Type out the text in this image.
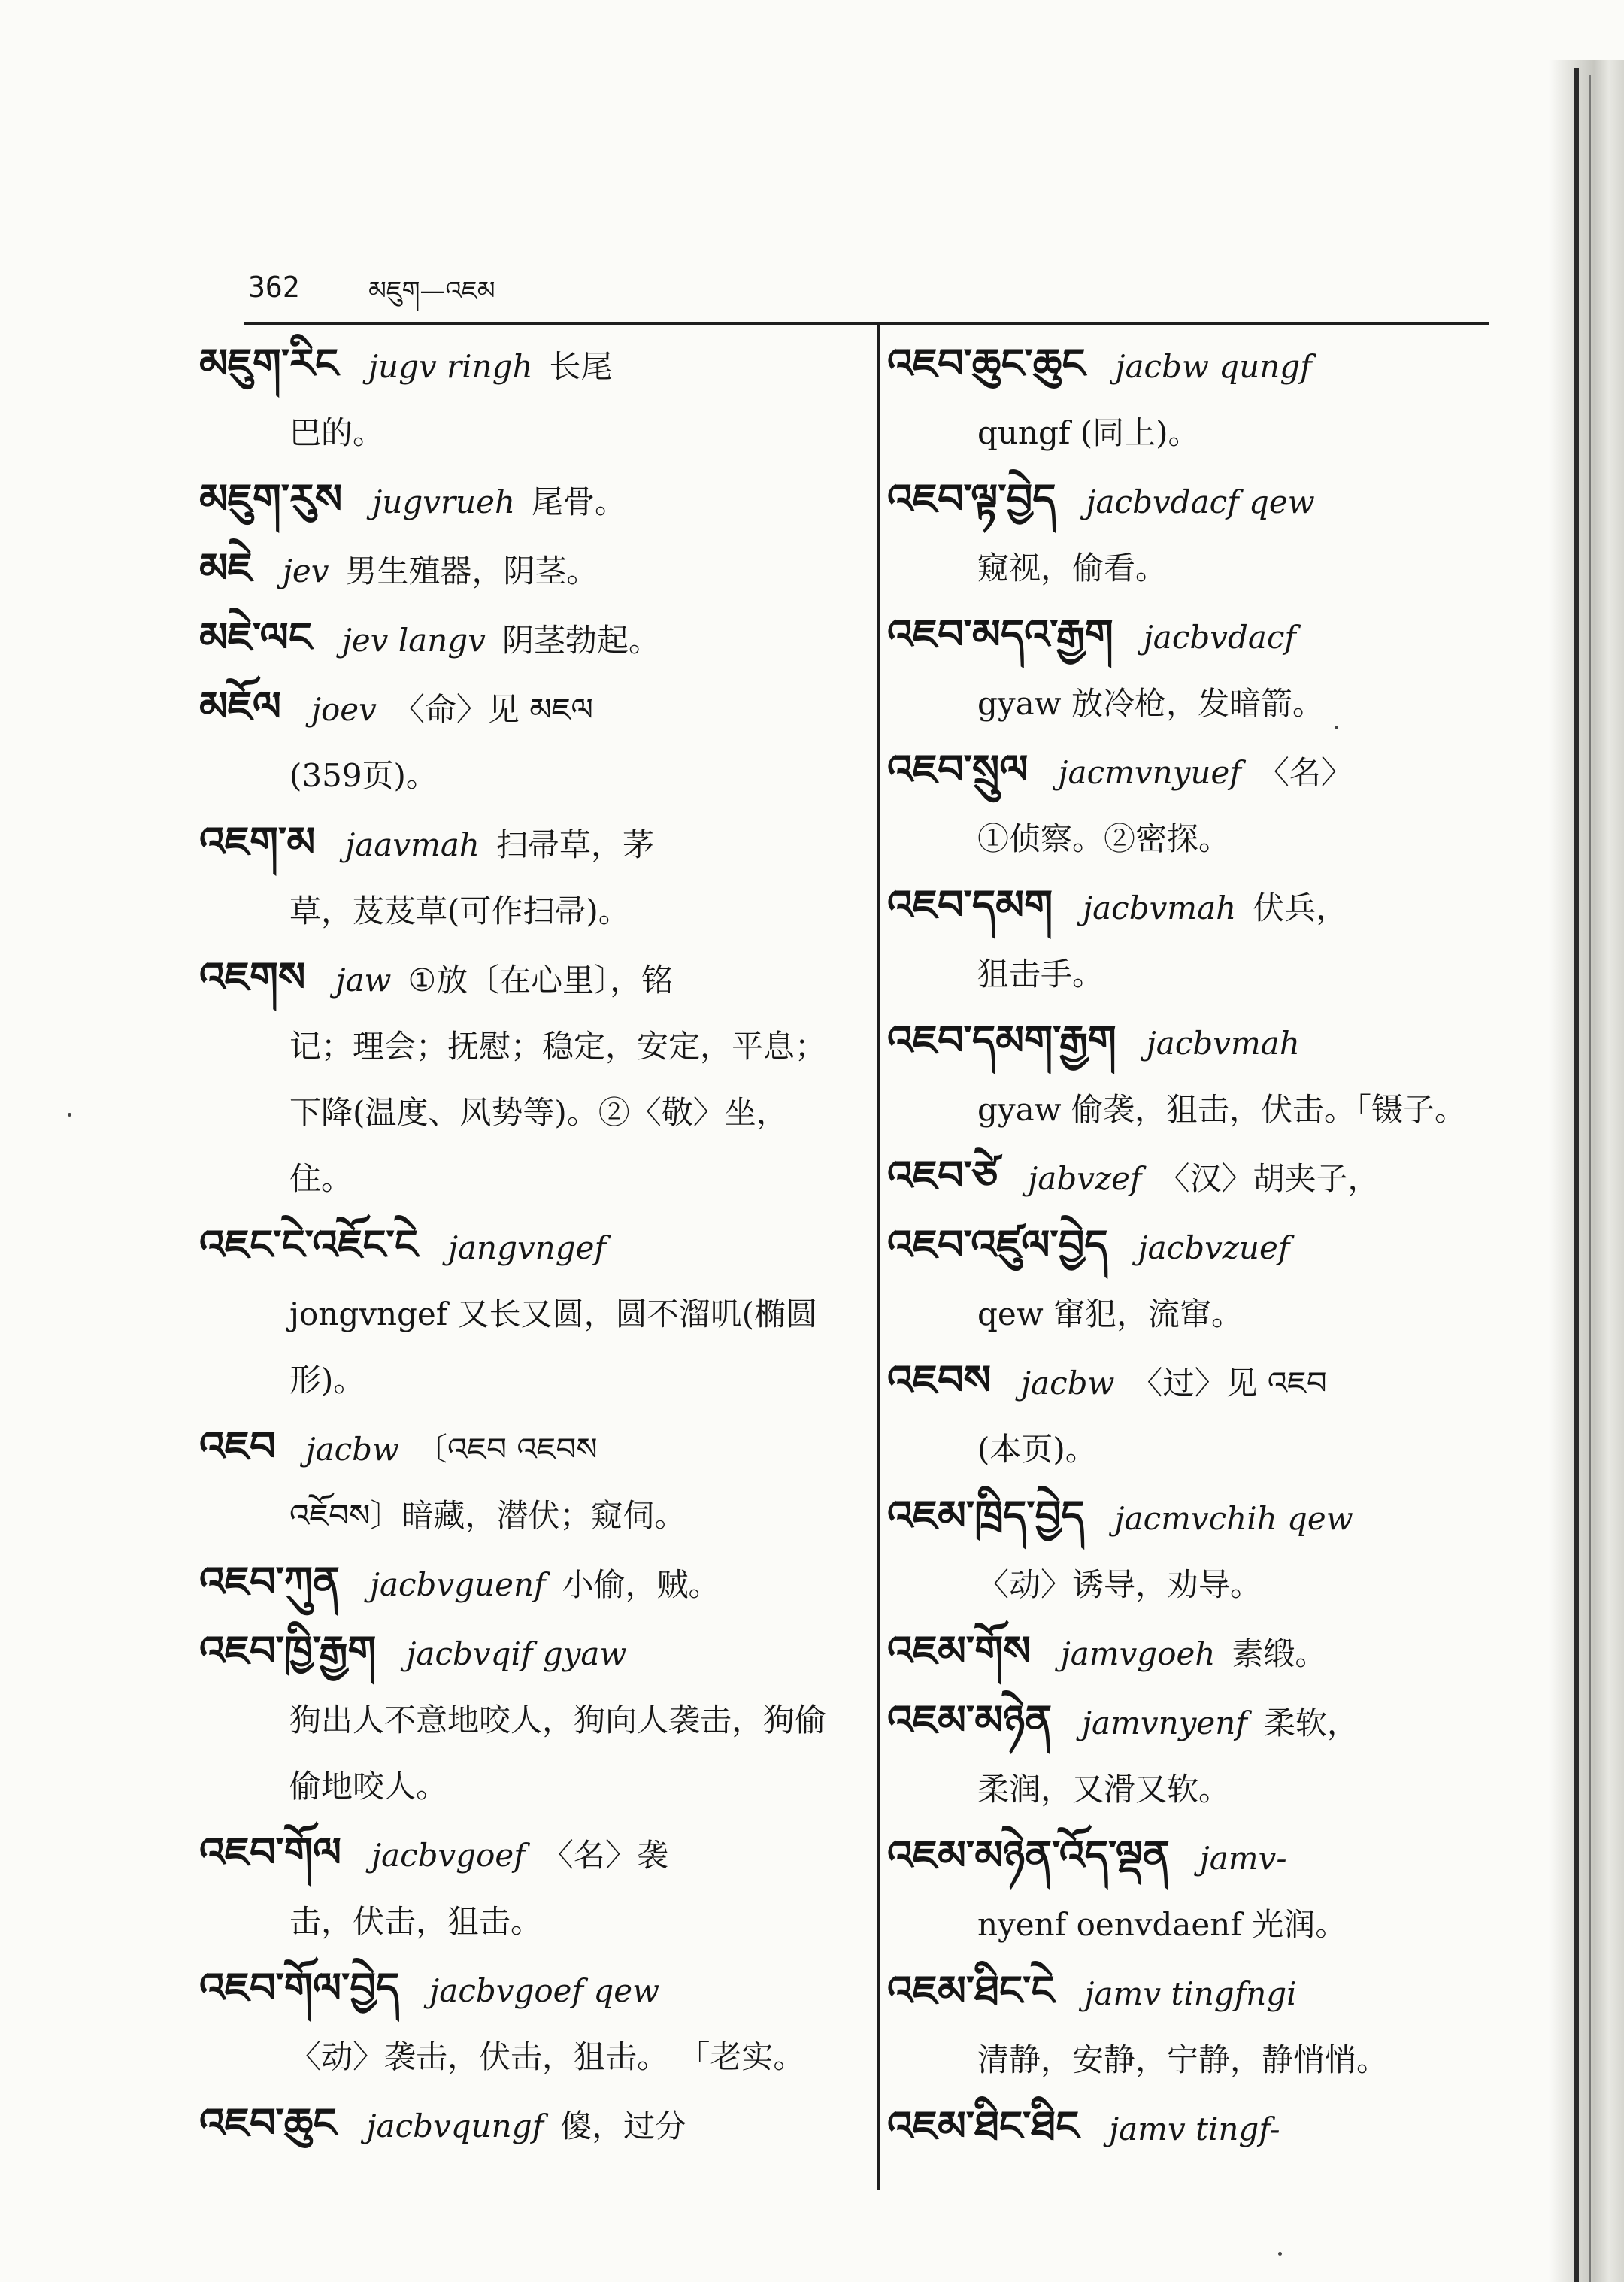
362	མཇུག—འཇམ
མཇུག་རིང jugv ringh 长尾
巴的。
མཇུག་རུས jugvrueh 尾骨。
མཇེ jev 男生殖器，阴茎。
མཇེ་ལང jev langv 阴茎勃起。
མཇོལ joev 〈命〉见 མཇལ
(359页)。
འཇག་མ jaavmah 扫帚草，茅
草，芨芨草(可作扫帚)。
འཇགས jaw ①放〔在心里〕，铭
记；理会；抚慰；稳定，安定，平息；下降(温度、风势等)。②〈敬〉坐，住。
འཇང་ངེ་འཇོང་ངེ jangvngef
jongvngef 又长又圆，圆不溜叽(椭圆形)。
འཇབ jacbw 〔འཇབ འཇབས
འཇོབས〕暗藏，潜伏；窥伺。
འཇབ་ཀུན jacbvguenf 小偷，贼。
འཇབ་ཁྱི་རྒྱག jacbvqif gyaw
狗出人不意地咬人，狗向人袭击，狗偷偷地咬人。
འཇབ་གོལ jacbvgoef 〈名〉袭
击，伏击，狙击。
འཇབ་གོལ་བྱེད jacbvgoef qew
〈动〉袭击，伏击，狙击。 「老实。
འཇབ་ཆུང jacbvqungf 傻，过分
འཇབ་ཆུང་ཆུང jacbw qungf
qungf (同上)。
འཇབ་ལྟ་བྱེད jacbvdacf qew
窥视，偷看。
འཇབ་མདའ་རྒྱག jacbvdacf
gyaw 放冷枪，发暗箭。
འཇབ་སྲུལ jacmvnyuef 〈名〉
①侦察。②密探。
འཇབ་དམག jacbvmah 伏兵，
狙击手。
འཇབ་དམག་རྒྱག jacbvmah
gyaw 偷袭，狙击，伏击。「镊子。
འཇབ་ཙེ jabvzef 〈汉〉胡夹子，
འཇབ་འཛུལ་བྱེད jacbvzuef
qew 窜犯，流窜。
འཇབས jacbw 〈过〉见 འཇབ
(本页)。
འཇམ་ཁྲིད་བྱེད jacmvchih qew
〈动〉诱导，劝导。
འཇམ་གོས jamvgoeh 素缎。
འཇམ་མཉེན jamvnyenf 柔软，
柔润，又滑又软。
འཇམ་མཉེན་འོད་ལྡན jamv-
nyenf oenvdaenf 光润。
འཇམ་ཐིང་ངེ jamv tingfngi
清静，安静，宁静，静悄悄。
འཇམ་ཐིང་ཐིང jamv tingf-
